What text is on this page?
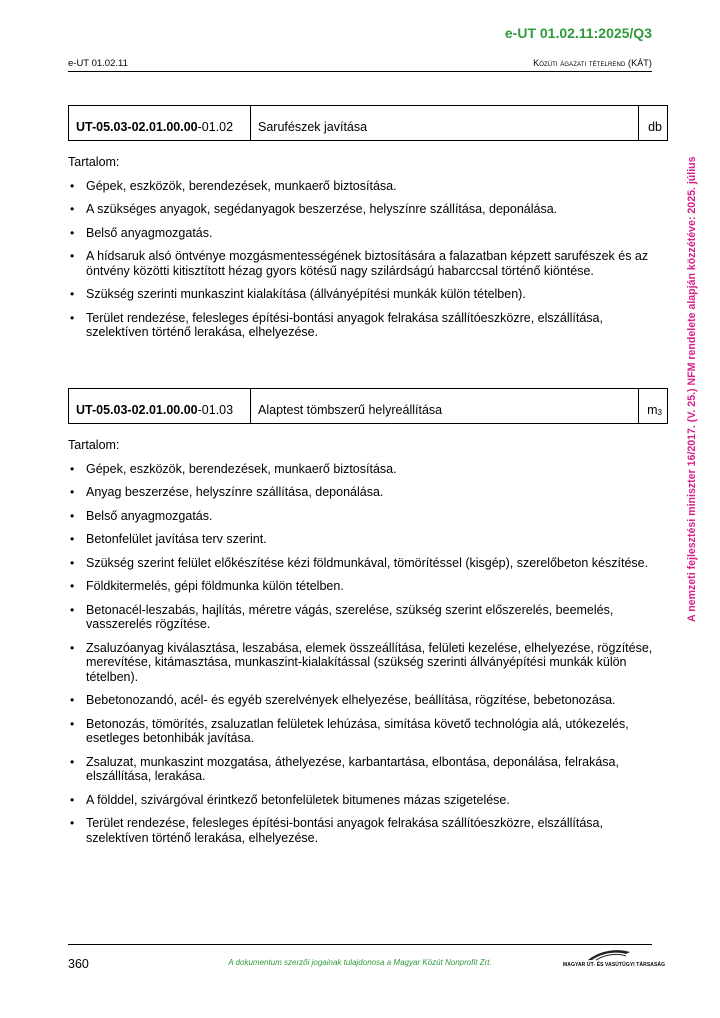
e-UT 01.02.11:2025/Q3
e-UT 01.02.11	Közúti ágazati tételrend (KÁT)
A nemzeti fejlesztési miniszter 16/2017. (V. 25.) NFM rendelete alapján közzétéve: 2025. július
UT-05.03-02.01.00.00 -01.02	Sarufészek javítása	db
Tartalom:
• Gépek, eszközök, berendezések, munkaerő biztosítása.
• A szükséges anyagok, segédanyagok beszerzése, helyszínre szállítása, deponálása.
• Belső anyagmozgatás.
• A hídsaruk alsó öntvénye mozgásmentességének biztosítására a falazatban képzett sarufészek és az öntvény közötti kitisztított hézag gyors kötésű nagy szilárdságú habarccsal történő kiöntése.
• Szükség szerinti munkaszint kialakítása (állványépítési munkák külön tételben).
• Terület rendezése, felesleges építési-bontási anyagok felrakása szállítóeszközre, elszállítása, szelektíven történő lerakása, elhelyezése.
UT-05.03-02.01.00.00 -01.03	Alaptest tömbszerű helyreállítása	$m_3$
Tartalom:
• Gépek, eszközök, berendezések, munkaerő biztosítása.
• Anyag beszerzése, helyszínre szállítása, deponálása.
• Belső anyagmozgatás.
• Betonfelület javítása terv szerint.
• Szükség szerint felület előkészítése kézi földmunkával, tömörítéssel (kisgép), szerelőbeton készítése.
• Földkitermelés, gépi földmunka külön tételben.
• Betonacél-leszabás, hajlítás, méretre vágás, szerelése, szükség szerint előszerelés, beemelés, vasszerelés rögzítése.
• Zsaluzóanyag kiválasztása, leszabása, elemek összeállítása, felületi kezelése, elhelyezése, rögzítése, merevítése, kitámasztása, munkaszint-kialakítással (szükség szerinti állványépítési munkák külön tételben).
• Bebetonozandó, acél- és egyéb szerelvények elhelyezése, beállítása, rögzítése, bebetonozása.
• Betonozás, tömörítés, zsaluzatlan felületek lehúzása, simítása követő technológia alá, utókezelés, esetleges betonhibák javítása.
• Zsaluzat, munkaszint mozgatása, áthelyezése, karbantartása, elbontása, deponálása, felrakása, elszállítása, lerakása.
• A földdel, szivárgóval érintkező betonfelületek bitumenes mázas szigetelése.
• Terület rendezése, felesleges építési-bontási anyagok felrakása szállítóeszközre, elszállítása, szelektíven történő lerakása, elhelyezése.
360	A dokumentum szerzői jogainak tulajdonosa a Magyar Közút Nonprofit Zrt.	MAGYAR ÚT- ÉS VASÚTÜGYI TÁRSASÁG
